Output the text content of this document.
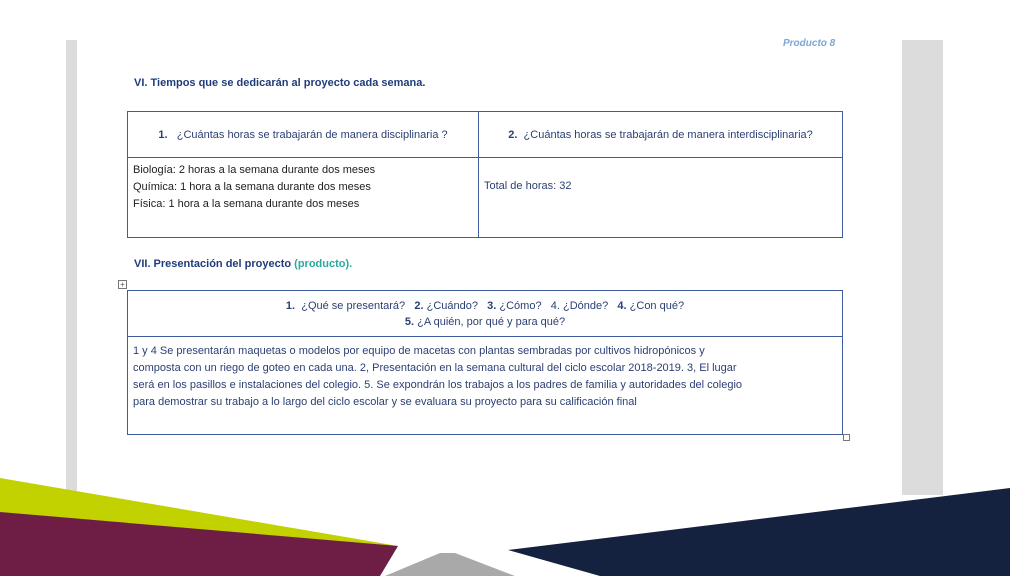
Producto 8
VI. Tiempos que se dedicarán al proyecto cada semana.
1. ¿Cuántas horas se trabajarán de manera disciplinaria ?	2. ¿Cuántas horas se trabajarán de manera interdisciplinaria?

Biología: 2 horas a la semana durante dos meses
Química: 1 hora a la semana durante dos meses
Física: 1 hora a la semana durante dos meses	Total de horas: 32
VII. Presentación del proyecto (producto).
+
1. ¿Qué se presentará? 2. ¿Cuándo? 3. ¿Cómo? 4. ¿Dónde? 4. ¿Con qué?
5. ¿A quién, por qué y para qué?

1 y 4 Se presentarán maquetas o modelos por equipo de macetas con plantas sembradas por cultivos hidropónicos y
composta con un riego de goteo en cada una. 2, Presentación en la semana cultural del ciclo escolar 2018-2019. 3, El lugar
será en los pasillos e instalaciones del colegio. 5. Se expondrán los trabajos a los padres de familia y autoridades del colegio
para demostrar su trabajo a lo largo del ciclo escolar y se evaluara su proyecto para su calificación final
